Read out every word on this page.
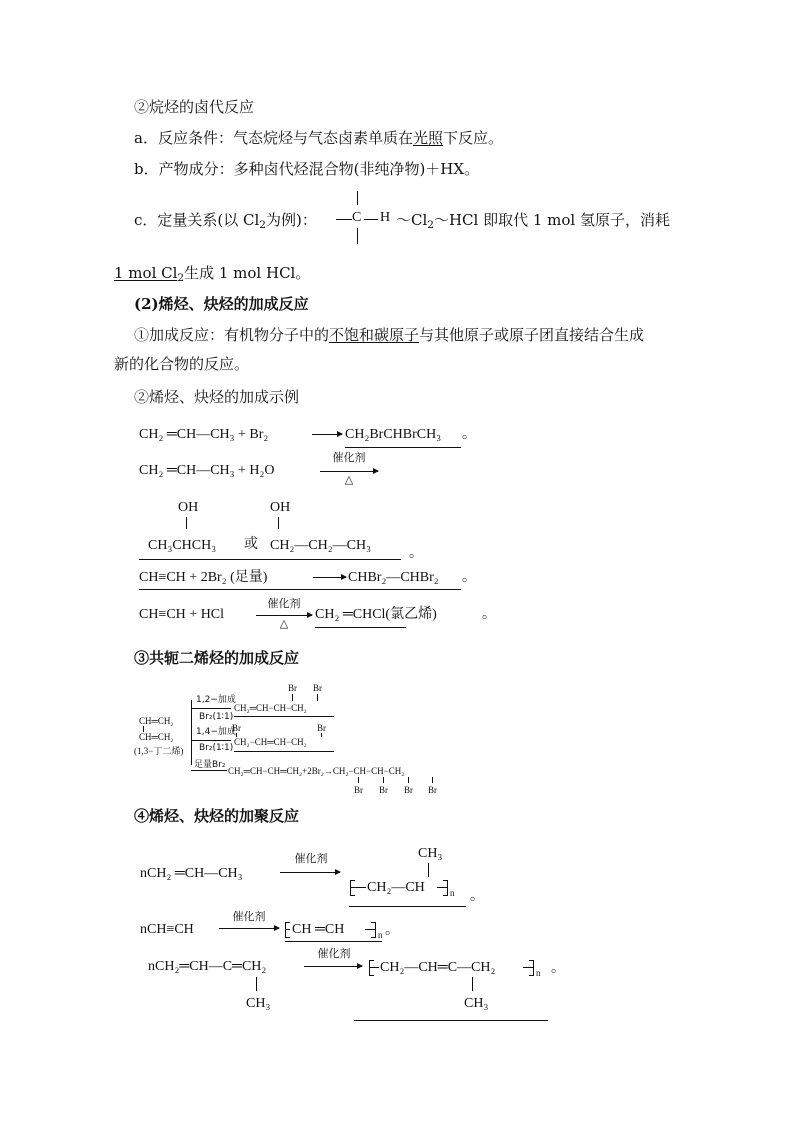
②烷烃的卤代反应
a．反应条件：气态烷烃与气态卤素单质在光照下反应。
b．产物成分：多种卤代烃混合物(非纯净物)＋HX。
c．定量关系(以 $Cl_2$为例)：	C H $\sim Cl_2\sim HCl$ 即取代 1 mol 氢原子，消耗
1 mol $Cl_2$生成 1 mol HCl。
(2)烯烃、炔烃的加成反应
①加成反应：有机物分子中的不饱和碳原子与其他原子或原子团直接结合生成
新的化合物的反应。
②烯烃、炔烃的加成示例
CH₂ ═CH—CH₃ + Br₂	CH₂BrCHBrCH₃ 。
CH₂ ═CH—CH₃ + H₂O
催化剂
△
OH
CH₃CHCH₃ 或
OH
CH₂—CH₂—CH₃
。
CH≡CH + 2Br₂ (足量)	CHBr₂—CHBr₂ 。
CH≡CH + HCl
催化剂
△
CH₂ ═CHCl(氯乙烯)	。
③共轭二烯烃的加成反应
CH═CH₂
CH═CH₂
(1,3−丁二烯)
1,2−加成
Br₂(1∶1)
CH₂═CH−CH−CH₂
Br Br
1,4−加成
Br₂(1∶1)
CH₂−CH═CH−CH₂
Br	Br
足量Br₂
CH₂═CH−CH═CH₂+2Br₂→CH₂−CH−CH−CH₂
Br Br Br Br
④烯烃、炔烃的加聚反应
nCH₂ ═CH—CH₃
催化剂	CH₃
CH₂—CH	n 。
nCH≡CH
催化剂
CH ═CH	n 。
nCH₂═CH—C═CH₂
CH₃
催化剂
CH₂—CH═C—CH₂	n 。
CH₃
